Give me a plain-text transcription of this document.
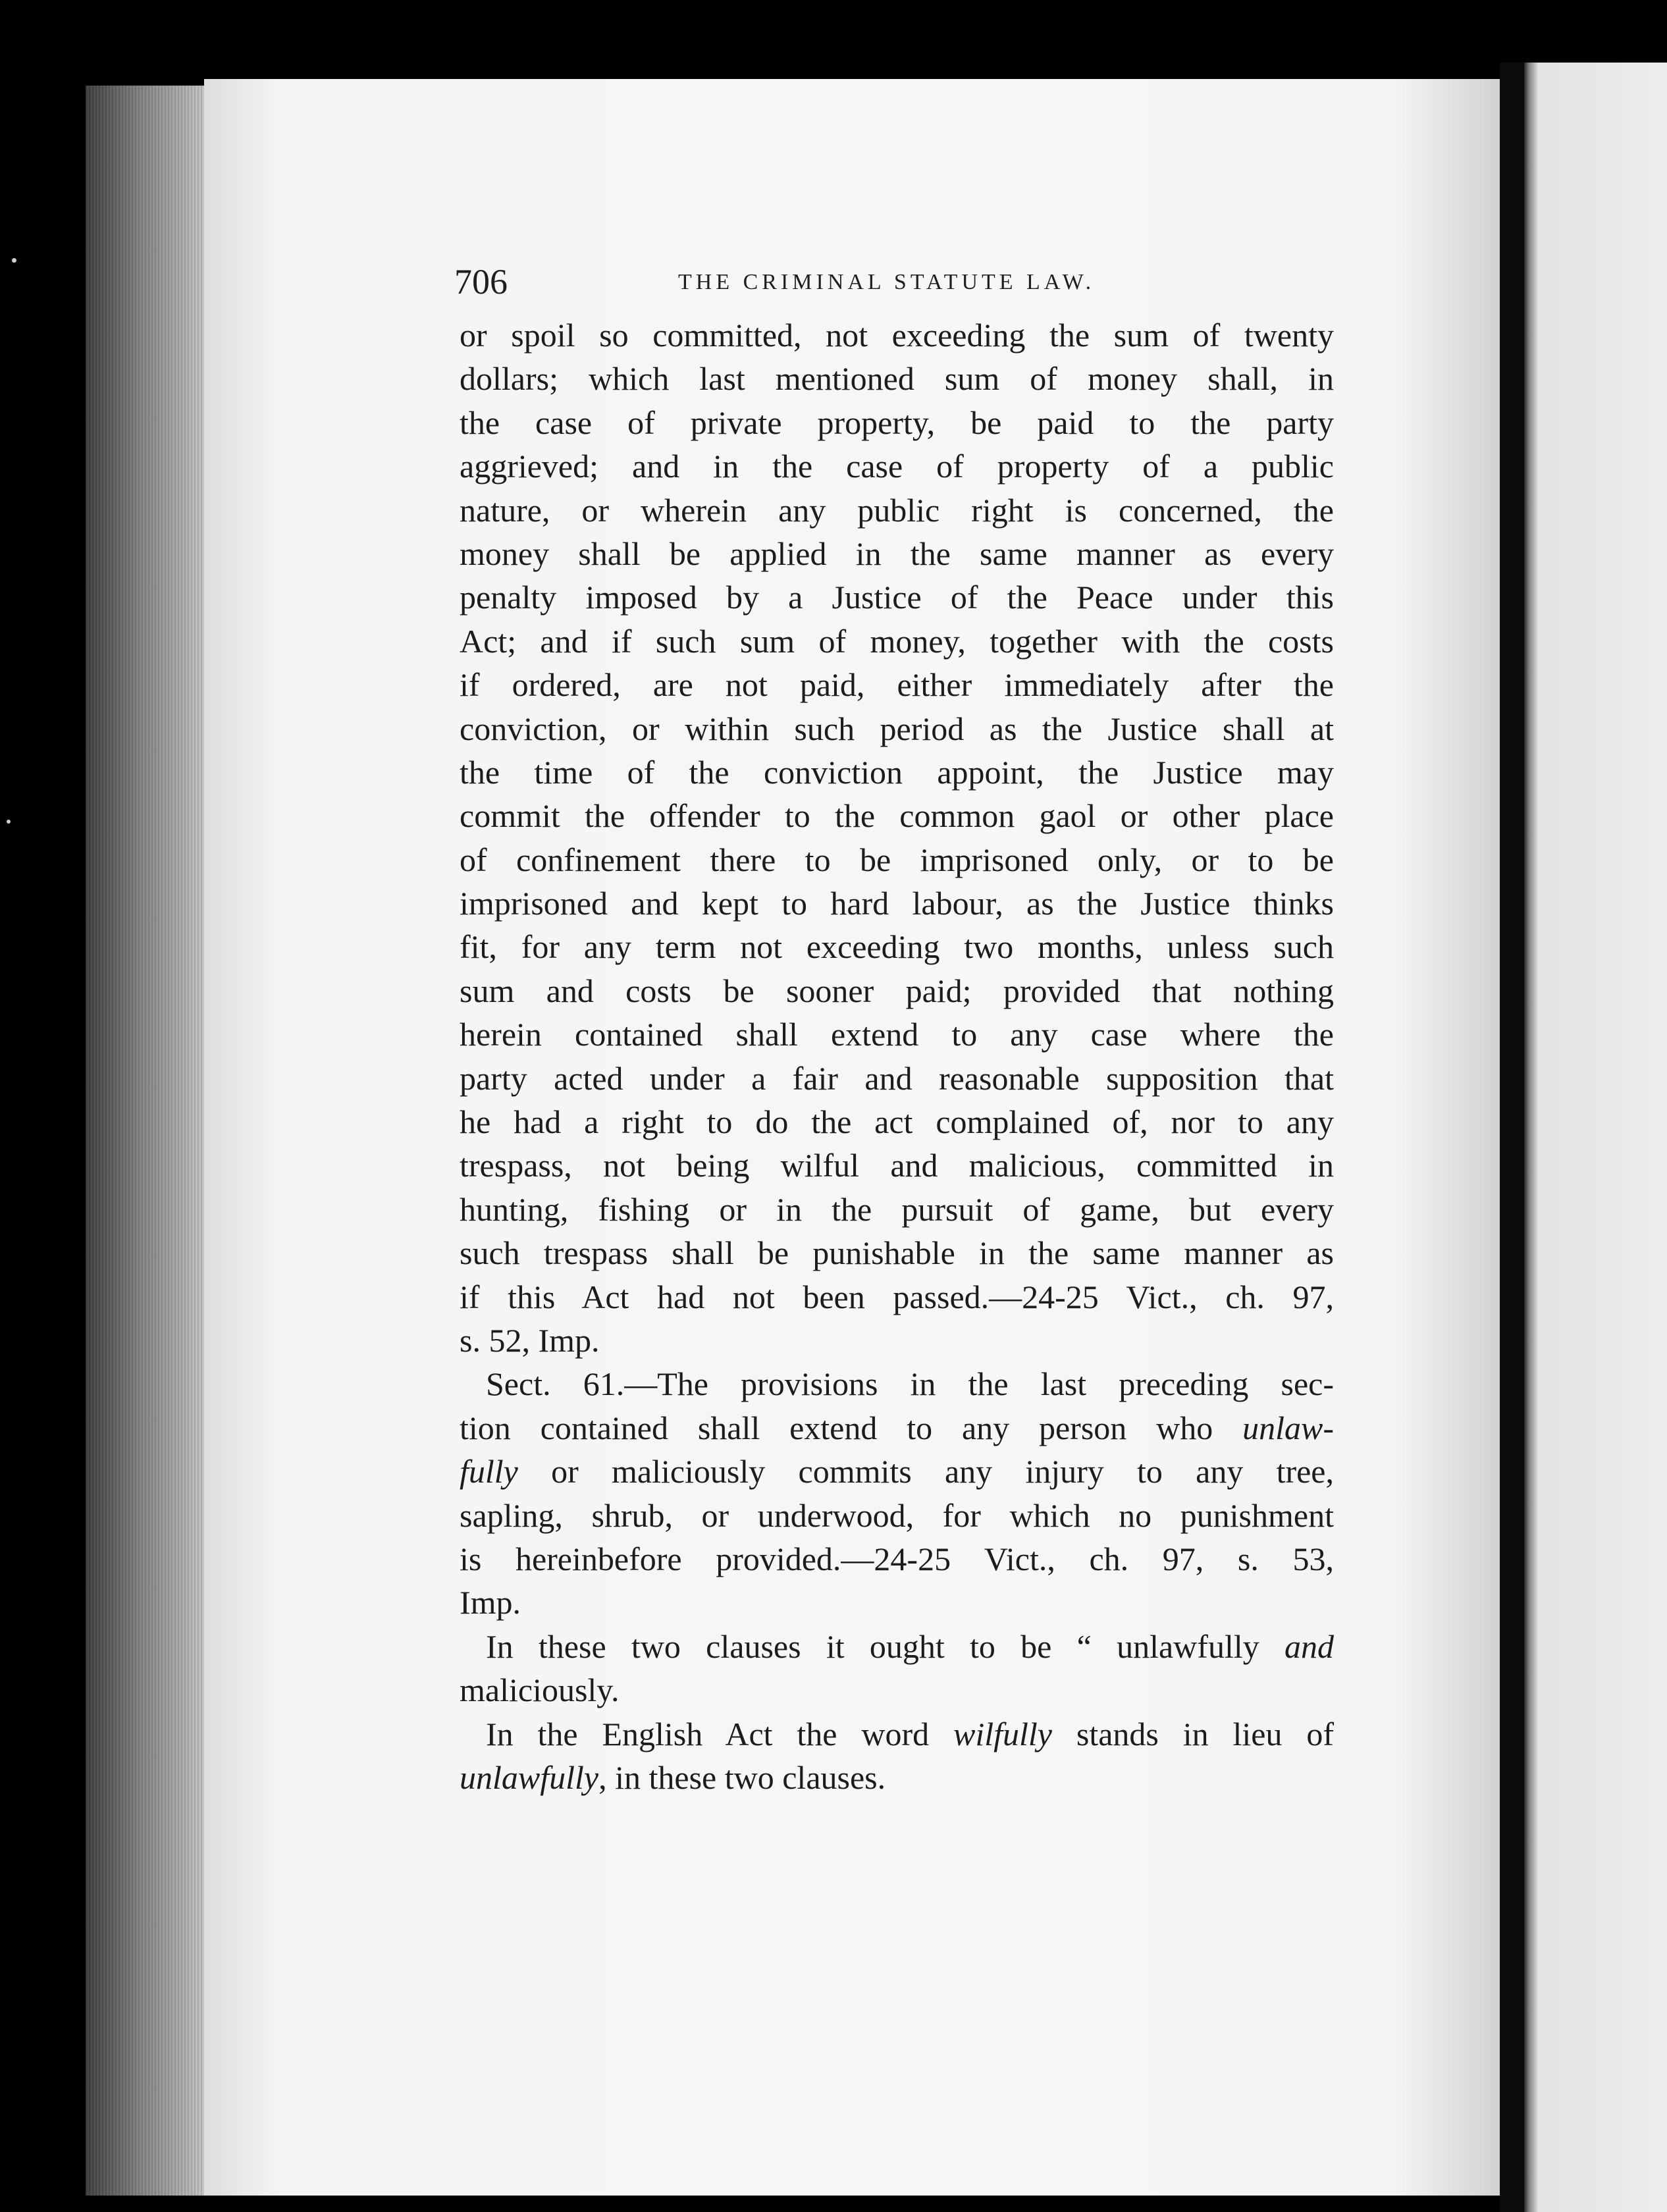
706	THE CRIMINAL STATUTE LAW.
or spoil so committed, not exceeding the sum of twenty
dollars; which last mentioned sum of money shall, in
the case of private property, be paid to the party
aggrieved; and in the case of property of a public
nature, or wherein any public right is concerned, the
money shall be applied in the same manner as every
penalty imposed by a Justice of the Peace under this
Act; and if such sum of money, together with the costs
if ordered, are not paid, either immediately after the
conviction, or within such period as the Justice shall at
the time of the conviction appoint, the Justice may
commit the offender to the common gaol or other place
of confinement there to be imprisoned only, or to be
imprisoned and kept to hard labour, as the Justice thinks
fit, for any term not exceeding two months, unless such
sum and costs be sooner paid; provided that nothing
herein contained shall extend to any case where the
party acted under a fair and reasonable supposition that
he had a right to do the act complained of, nor to any
trespass, not being wilful and malicious, committed in
hunting, fishing or in the pursuit of game, but every
such trespass shall be punishable in the same manner as
if this Act had not been passed.—24-25 Vict., ch. 97,
s. 52, Imp.
Sect. 61.—The provisions in the last preceding sec-
tion contained shall extend to any person who unlaw-
fully or maliciously commits any injury to any tree,
sapling, shrub, or underwood, for which no punishment
is hereinbefore provided.—24-25 Vict., ch. 97, s. 53,
Imp.
In these two clauses it ought to be “ unlawfully and
maliciously.
In the English Act the word wilfully stands in lieu of
unlawfully, in these two clauses.
